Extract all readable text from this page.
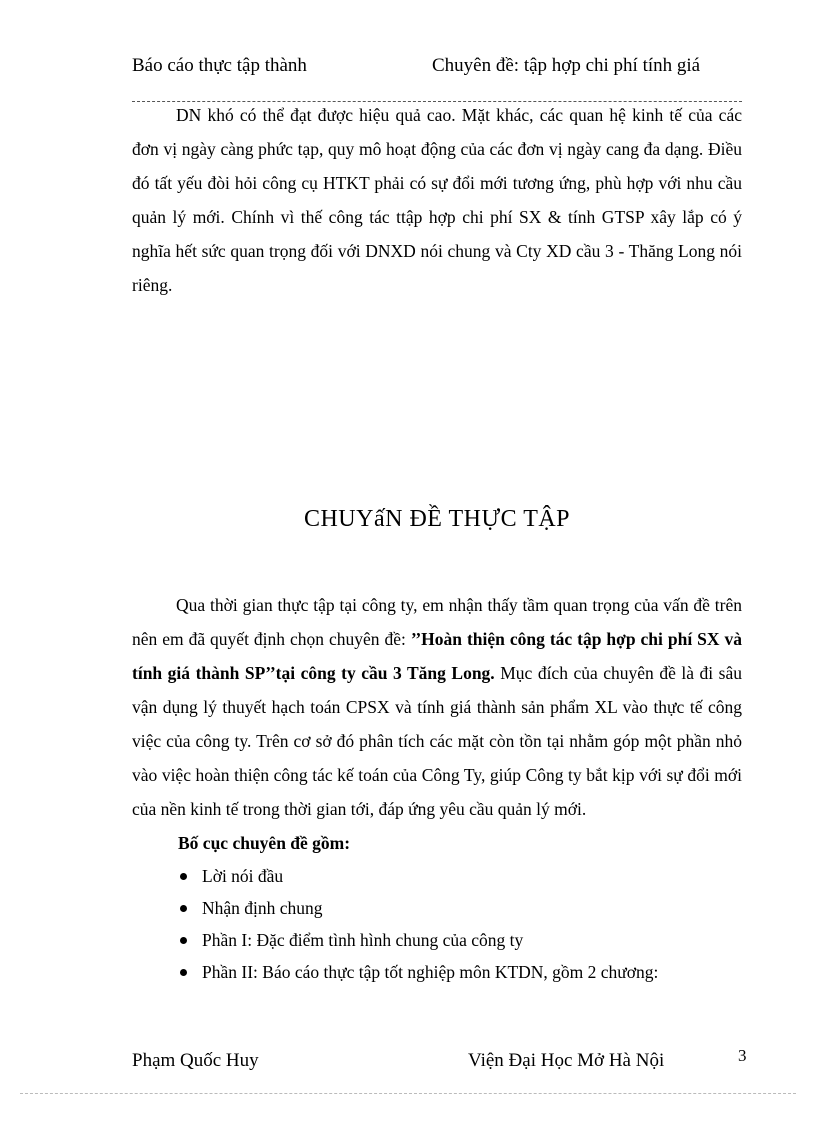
Báo cáo thực tập thành	Chuyên đề: tập hợp chi phí tính giá

DN khó có thể đạt được hiệu quả cao. Mặt khác, các quan hệ kinh tế của các đơn vị ngày càng phức tạp, quy mô hoạt động của các đơn vị ngày cang đa dạng. Điều đó tất yếu đòi hỏi công cụ HTKT phải có sự đổi mới tương ứng, phù hợp với nhu cầu quản lý mới. Chính vì thế công tác ttập hợp chi phí SX & tính GTSP xây lắp có ý nghĩa hết sức quan trọng đối với DNXD nói chung và Cty XD cầu 3 - Thăng Long nói riêng.

CHUYấN ĐỀ THỰC TẬP

Qua thời gian thực tập tại công ty, em nhận thấy tầm quan trọng của vấn đề trên nên em đã quyết định chọn chuyên đề: ’’Hoàn thiện công tác tập hợp chi phí SX và tính giá thành SP’’tại công ty cầu 3 Tăng Long. Mục đích của chuyên đề là đi sâu vận dụng lý thuyết hạch toán CPSX và tính giá thành sản phẩm XL vào thực tế công việc của công ty. Trên cơ sở đó phân tích các mặt còn tồn tại nhằm góp một phần nhỏ vào việc hoàn thiện công tác kế toán của Công Ty, giúp Công ty bắt kịp với sự đổi mới của nền kinh tế trong thời gian tới, đáp ứng yêu cầu quản lý mới.

Bố cục chuyên đề gồm:

Lời nói đầu
Nhận định chung
Phần I: Đặc điểm tình hình chung của công ty
Phần II: Báo cáo thực tập tốt nghiệp môn KTDN, gồm 2 chương:
Phạm Quốc Huy	Viện Đại Học Mở Hà Nội	3
